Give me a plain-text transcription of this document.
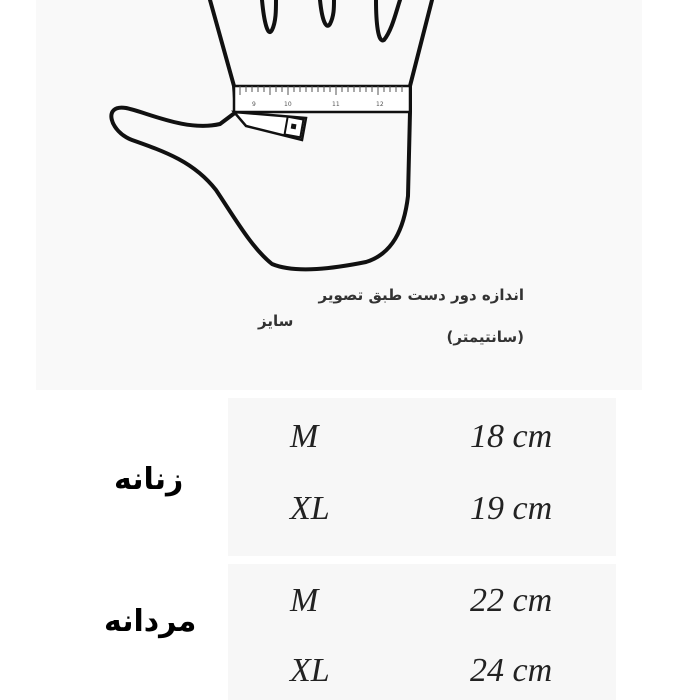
9	10	11	12
اندازه دور دست طبق تصویر
(سانتیمتر)
سایز
زنانه
M	18 cm
XL	19 cm
مردانه
M	22 cm
XL	24 cm
